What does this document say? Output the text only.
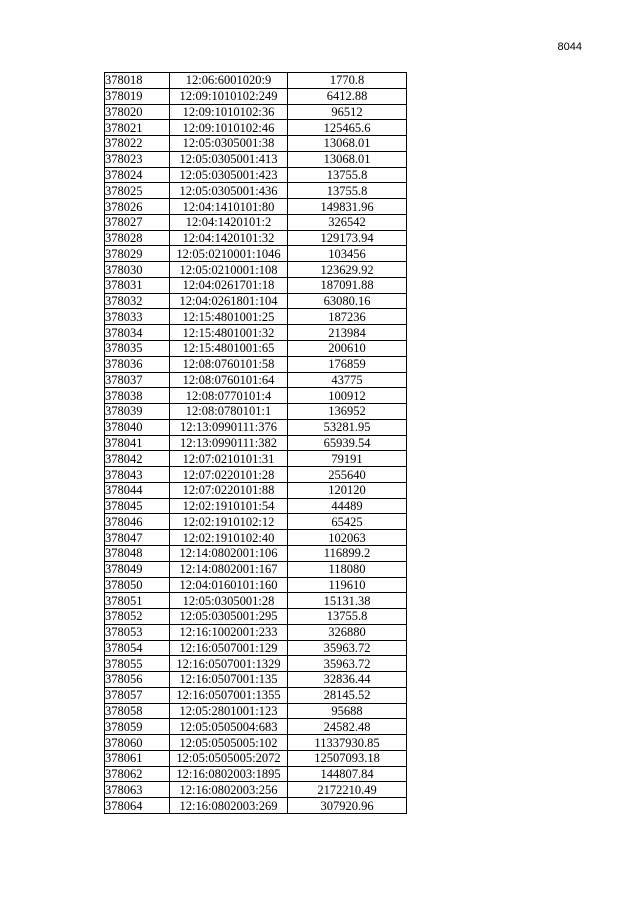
8044
378018	12:06:6001020:9	1770.8
378019	12:09:1010102:249	6412.88
378020	12:09:1010102:36	96512
378021	12:09:1010102:46	125465.6
378022	12:05:0305001:38	13068.01
378023	12:05:0305001:413	13068.01
378024	12:05:0305001:423	13755.8
378025	12:05:0305001:436	13755.8
378026	12:04:1410101:80	149831.96
378027	12:04:1420101:2	326542
378028	12:04:1420101:32	129173.94
378029	12:05:0210001:1046	103456
378030	12:05:0210001:108	123629.92
378031	12:04:0261701:18	187091.88
378032	12:04:0261801:104	63080.16
378033	12:15:4801001:25	187236
378034	12:15:4801001:32	213984
378035	12:15:4801001:65	200610
378036	12:08:0760101:58	176859
378037	12:08:0760101:64	43775
378038	12:08:0770101:4	100912
378039	12:08:0780101:1	136952
378040	12:13:0990111:376	53281.95
378041	12:13:0990111:382	65939.54
378042	12:07:0210101:31	79191
378043	12:07:0220101:28	255640
378044	12:07:0220101:88	120120
378045	12:02:1910101:54	44489
378046	12:02:1910102:12	65425
378047	12:02:1910102:40	102063
378048	12:14:0802001:106	116899.2
378049	12:14:0802001:167	118080
378050	12:04:0160101:160	119610
378051	12:05:0305001:28	15131.38
378052	12:05:0305001:295	13755.8
378053	12:16:1002001:233	326880
378054	12:16:0507001:129	35963.72
378055	12:16:0507001:1329	35963.72
378056	12:16:0507001:135	32836.44
378057	12:16:0507001:1355	28145.52
378058	12:05:2801001:123	95688
378059	12:05:0505004:683	24582.48
378060	12:05:0505005:102	11337930.85
378061	12:05:0505005:2072	12507093.18
378062	12:16:0802003:1895	144807.84
378063	12:16:0802003:256	2172210.49
378064	12:16:0802003:269	307920.96
